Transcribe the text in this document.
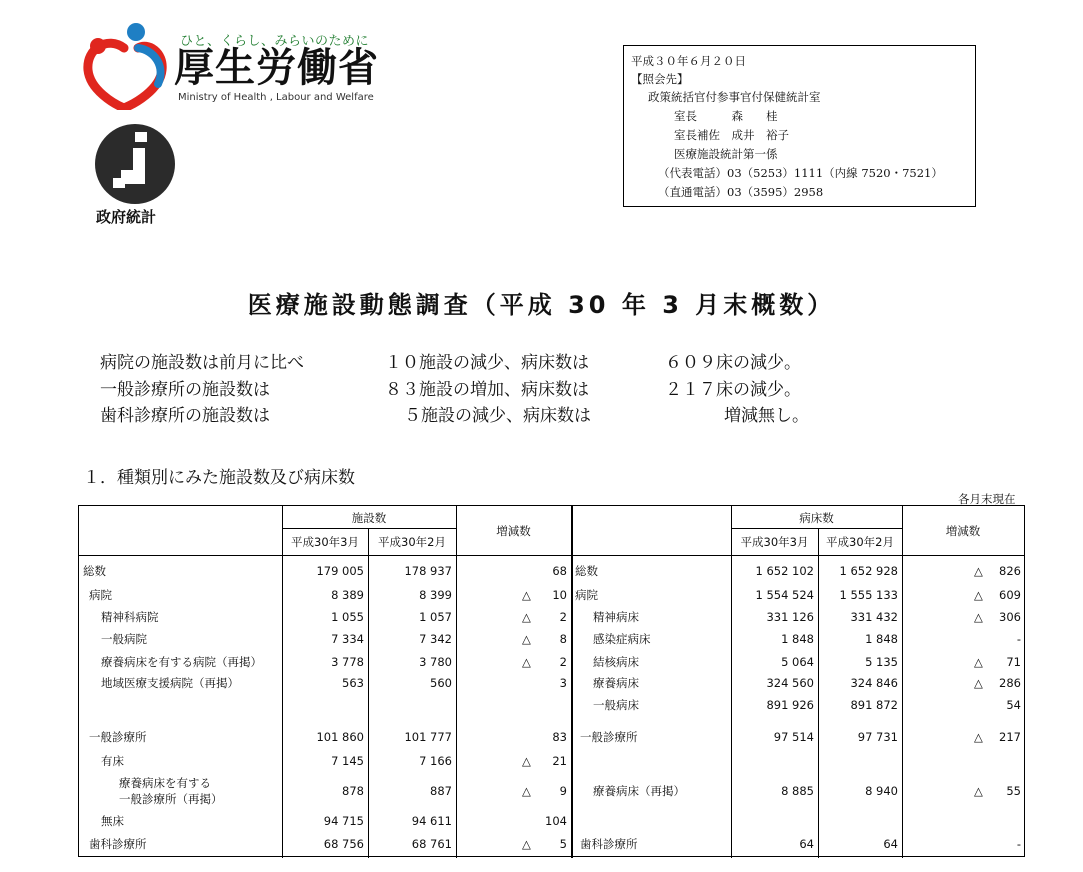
ひと、くらし、みらいのために
厚生労働省
Ministry of Health , Labour and Welfare
政府統計
平成３０年６月２０日
【照会先】
政策統括官付参事官付保健統計室
室長　　　森　　桂
室長補佐　成井　裕子
医療施設統計第一係
（代表電話）03（5253）1111（内線 7520・7521）
（直通電話）03（3595）2958
医療施設動態調査（平成 30 年 3 月末概数）
病院の施設数は前月に比べ	１０施設の減少、病床数は	６０９床の減少。
一般診療所の施設数は	８３施設の増加、病床数は	２１７床の減少。
歯科診療所の施設数は	５施設の減少、病床数は	増減無し。
１．種類別にみた施設数及び病床数
各月末現在
施設数
平成30年3月	平成30年2月
増減数
病床数
平成30年3月	平成30年2月
増減数
総数	179 005	178 937	68
病院	8 389	8 399	△	10
精神科病院	1 055	1 057	△	2
一般病院	7 334	7 342	△	8
療養病床を有する病院（再掲）	3 778	3 780	△	2
地域医療支援病院（再掲）	563	560	3
一般診療所	101 860	101 777	83
有床	7 145	7 166	△	21
療養病床を有する
一般診療所（再掲）
878	887	△	9
無床	94 715	94 611	104
歯科診療所	68 756	68 761	△	5
総数	1 652 102	1 652 928	△	826
病院	1 554 524	1 555 133	△	609
精神病床	331 126	331 432	△	306
感染症病床	1 848	1 848	-
結核病床	5 064	5 135	△	71
療養病床	324 560	324 846	△	286
一般病床	891 926	891 872	54
一般診療所	97 514	97 731	△	217
療養病床（再掲）	8 885	8 940	△	55
歯科診療所	64	64	-
